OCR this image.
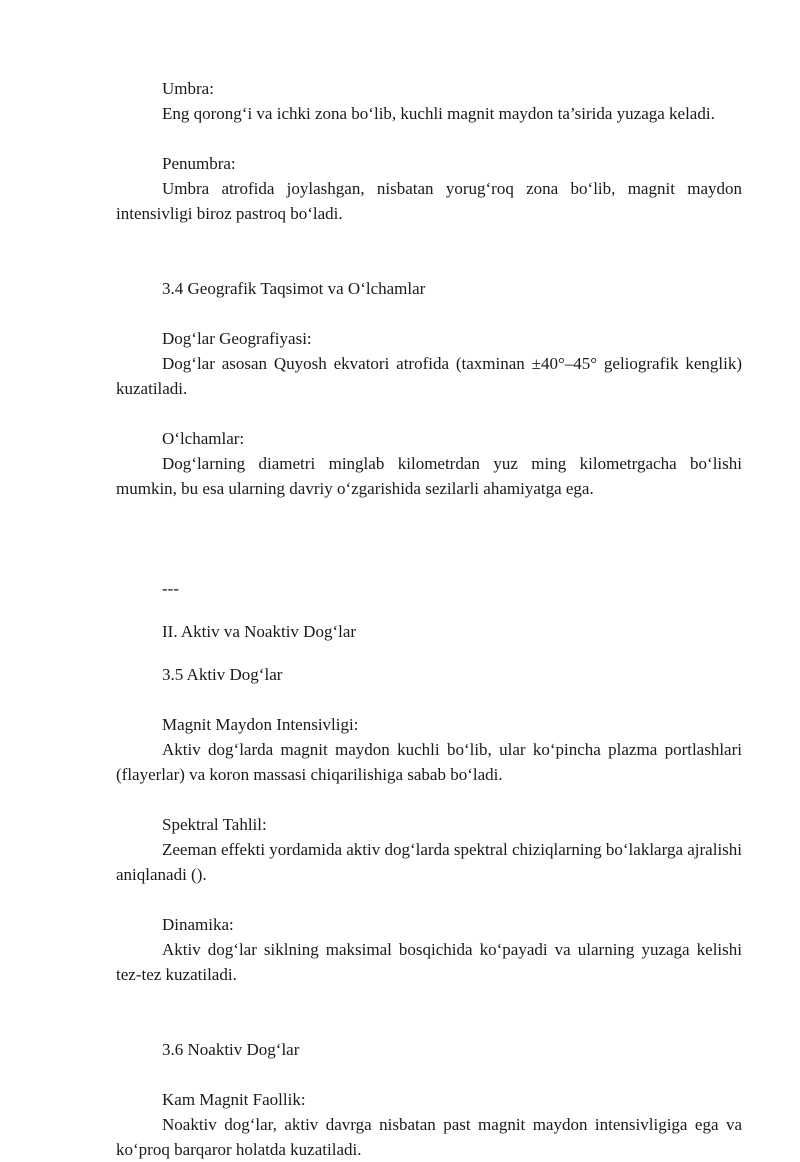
Umbra:

Eng qorong‘i va ichki zona bo‘lib, kuchli magnit maydon ta’sirida yuzaga keladi.

Penumbra:

Umbra atrofida joylashgan, nisbatan yorug‘roq zona bo‘lib, magnit maydon intensivligi biroz pastroq bo‘ladi.

3.4 Geografik Taqsimot va O‘lchamlar

Dog‘lar Geografiyasi:

Dog‘lar asosan Quyosh ekvatori atrofida (taxminan ±40°–45° geliografik kenglik) kuzatiladi.

O‘lchamlar:

Dog‘larning diametri minglab kilometrdan yuz ming kilometrgacha bo‘lishi mumkin, bu esa ularning davriy o‘zgarishida sezilarli ahamiyatga ega.

---

II. Aktiv va Noaktiv Dog‘lar

3.5 Aktiv Dog‘lar

Magnit Maydon Intensivligi:

Aktiv dog‘larda magnit maydon kuchli bo‘lib, ular ko‘pincha plazma portlashlari (flayerlar) va koron massasi chiqarilishiga sabab bo‘ladi.

Spektral Tahlil:

Zeeman effekti yordamida aktiv dog‘larda spektral chiziqlarning bo‘laklarga ajralishi aniqlanadi ().

Dinamika:

Aktiv dog‘lar siklning maksimal bosqichida ko‘payadi va ularning yuzaga kelishi tez-tez kuzatiladi.

3.6 Noaktiv Dog‘lar

Kam Magnit Faollik:

Noaktiv dog‘lar, aktiv davrga nisbatan past magnit maydon intensivligiga ega va ko‘proq barqaror holatda kuzatiladi.
